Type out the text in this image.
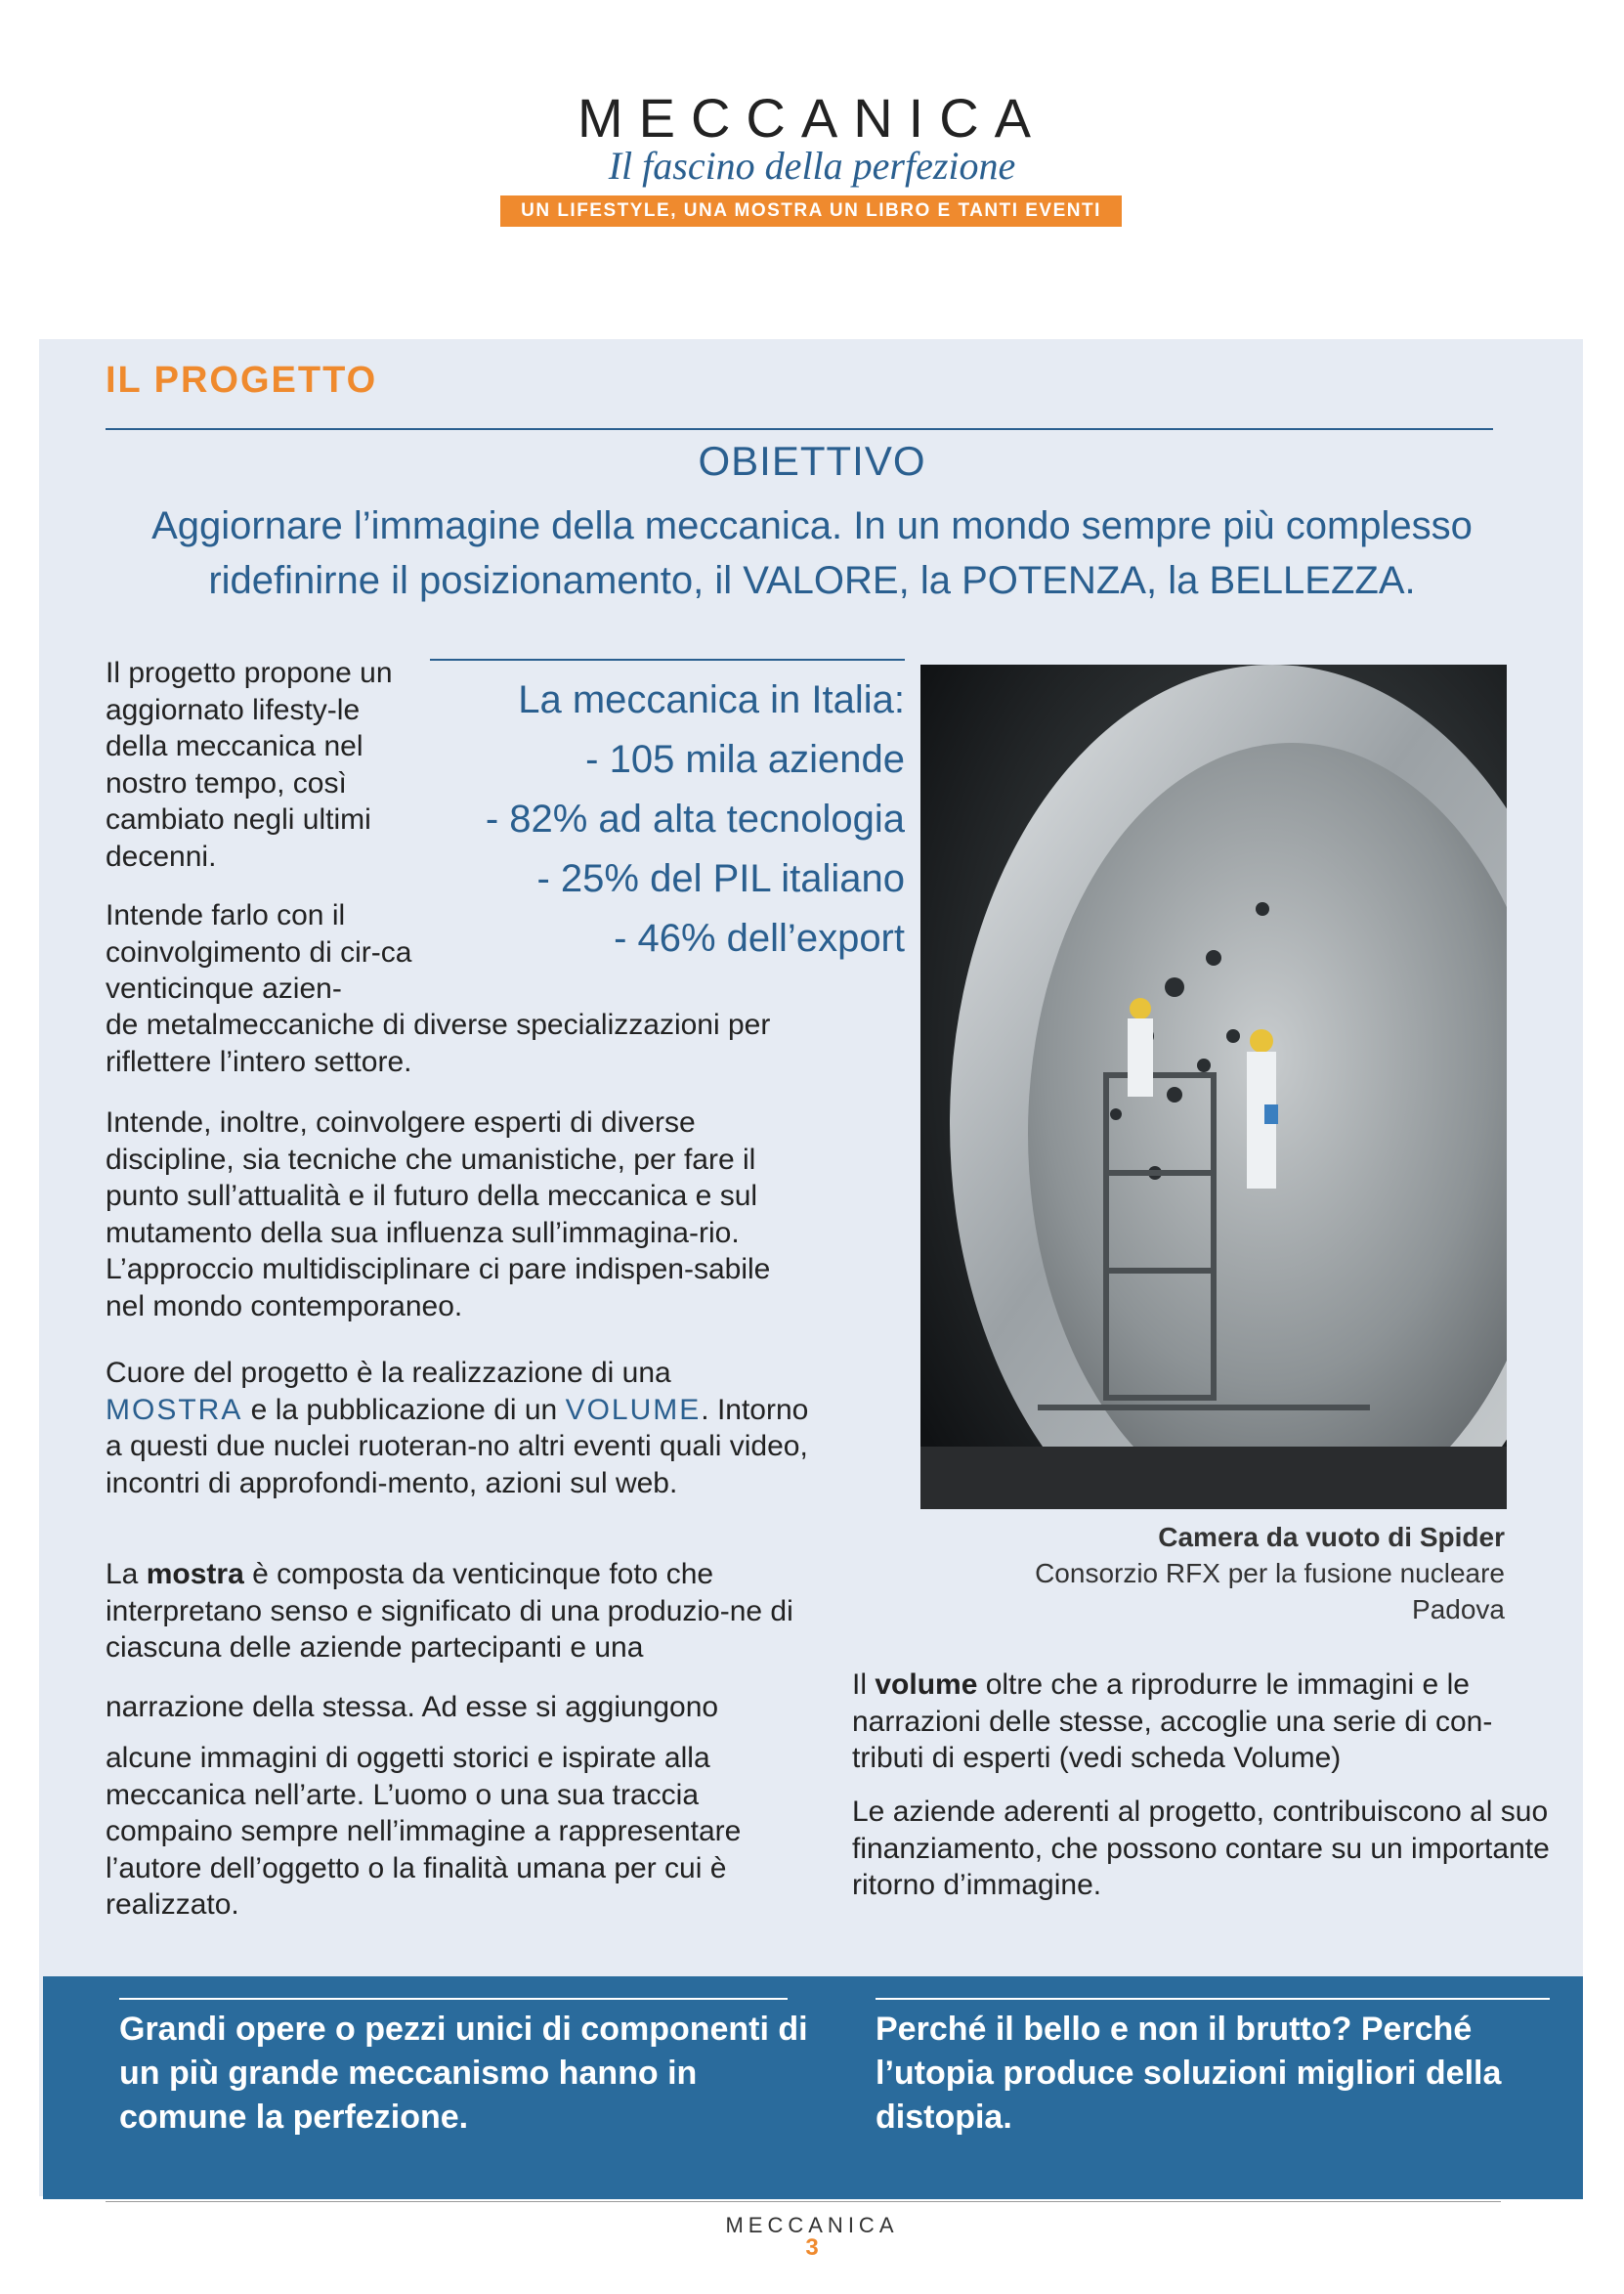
MECCANICA
Il fascino della perfezione
UN LIFESTYLE, UNA MOSTRA UN LIBRO E TANTI EVENTI
IL PROGETTO
OBIETTIVO
Aggiornare l’immagine della meccanica. In un mondo sempre più complesso
ridefinirne il posizionamento, il VALORE, la POTENZA, la BELLEZZA.

Il progetto propone un aggiornato lifesty-le della meccanica nel nostro tempo, così cambiato negli ultimi decenni.

Intende farlo con il coinvolgimento di cir-ca venticinque azien-

de metalmeccaniche di diverse specializzazioni per riflettere l’intero settore.

Intende, inoltre, coinvolgere esperti di diverse discipline, sia tecniche che umanistiche, per fare il punto sull’attualità e il futuro della meccanica e sul mutamento della sua influenza sull’immagina-rio. L’approccio multidisciplinare ci pare indispen-sabile nel mondo contemporaneo.

Cuore del progetto è la realizzazione di una MOSTRA e la pubblicazione di un VOLUME. Intorno a questi due nuclei ruoteran-no altri eventi quali video, incontri di approfondi-mento, azioni sul web.

La mostra è composta da venticinque foto che interpretano senso e significato di una produzio-ne di ciascuna delle aziende partecipanti e una

narrazione della stessa. Ad esse si aggiungono

alcune immagini di oggetti storici e ispirate alla meccanica nell’arte. L’uomo o una sua traccia compaino sempre nell’immagine a rappresentare l’autore dell’oggetto o la finalità umana per cui è realizzato.

La meccanica in Italia:
- 105 mila aziende
- 82% ad alta tecnologia
- 25% del PIL italiano
- 46% dell’export
Camera da vuoto di Spider
Consorzio RFX per la fusione nucleare
Padova

Il volume oltre che a riprodurre le immagini e le narrazioni delle stesse, accoglie una serie di con-tributi di esperti (vedi scheda Volume)

Le aziende aderenti al progetto, contribuiscono al suo finanziamento, che possono contare su un importante ritorno d’immagine.

Grandi opere o pezzi unici di componenti di un più grande meccanismo hanno in comune la perfezione.
Perché il bello e non il brutto? Perché l’utopia produce soluzioni migliori della distopia.
MECCANICA
3
